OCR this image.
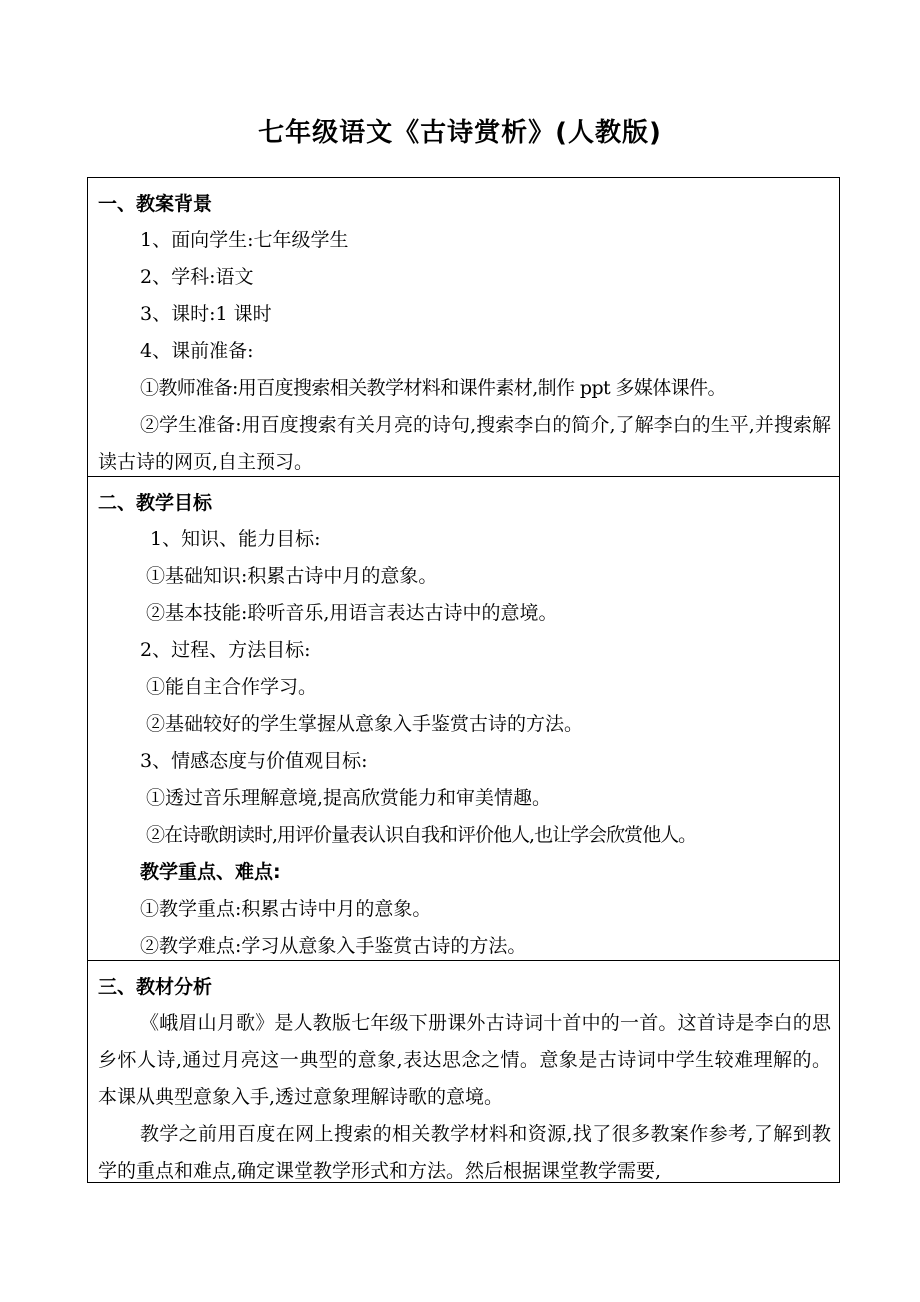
七年级语文《古诗赏析》(人教版)
一、教案背景
1、面向学生:七年级学生
2、学科:语文
3、课时:1 课时
4、课前准备:
①教师准备:用百度搜索相关教学材料和课件素材,制作 ppt 多媒体课件。
②学生准备:用百度搜索有关月亮的诗句,搜索李白的简介,了解李白的生平,并搜索解读古诗的网页,自主预习。
二、教学目标
1、知识、能力目标:
①基础知识:积累古诗中月的意象。
②基本技能:聆听音乐,用语言表达古诗中的意境。
2、过程、方法目标:
①能自主合作学习。
②基础较好的学生掌握从意象入手鉴赏古诗的方法。
3、情感态度与价值观目标:
①透过音乐理解意境,提高欣赏能力和审美情趣。
②在诗歌朗读时,用评价量表认识自我和评价他人,也让学会欣赏他人。
教学重点、难点:
①教学重点:积累古诗中月的意象。
②教学难点:学习从意象入手鉴赏古诗的方法。
三、教材分析
《峨眉山月歌》是人教版七年级下册课外古诗词十首中的一首。这首诗是李白的思乡怀人诗,通过月亮这一典型的意象,表达思念之情。意象是古诗词中学生较难理解的。本课从典型意象入手,透过意象理解诗歌的意境。
教学之前用百度在网上搜索的相关教学材料和资源,找了很多教案作参考,了解到教学的重点和难点,确定课堂教学形式和方法。然后根据课堂教学需要,
